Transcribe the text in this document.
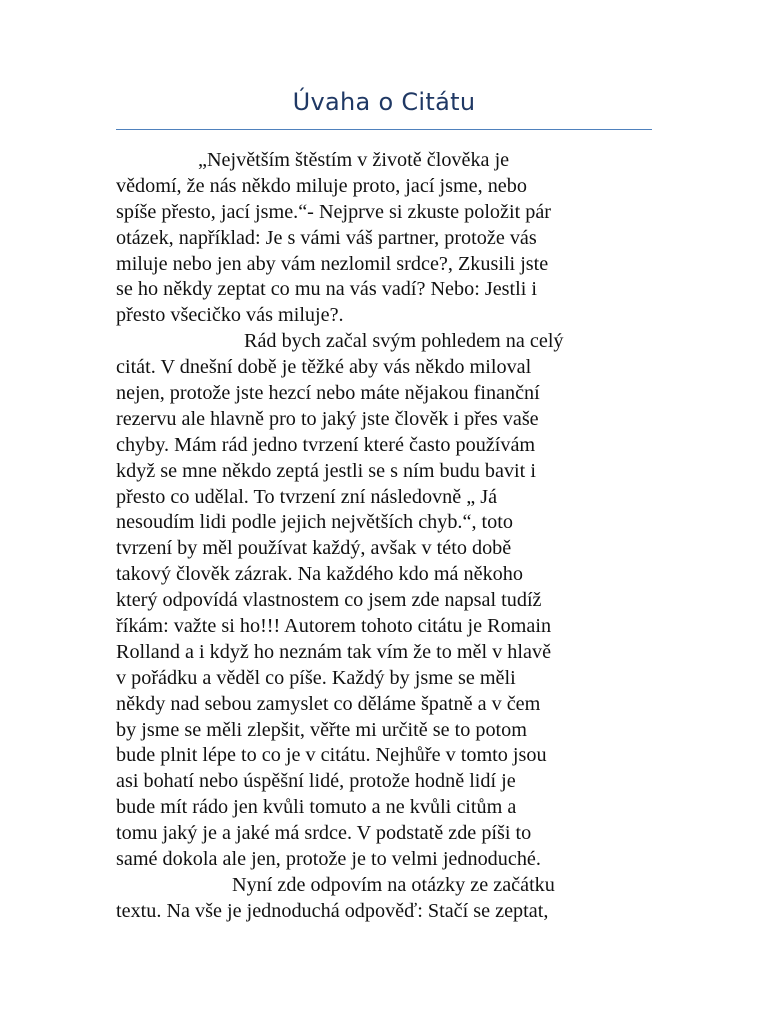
Úvaha o Citátu
„Největším štěstím v životě člověka je
vědomí, že nás někdo miluje proto, jací jsme, nebo
spíše přesto, jací jsme.“- Nejprve si zkuste položit pár
otázek, například: Je s vámi váš partner, protože vás
miluje nebo jen aby vám nezlomil srdce?, Zkusili jste
se ho někdy zeptat co mu na vás vadí? Nebo: Jestli i
přesto všecičko vás miluje?.
Rád bych začal svým pohledem na celý
citát. V dnešní době je těžké aby vás někdo miloval
nejen, protože jste hezcí nebo máte nějakou finanční
rezervu ale hlavně pro to jaký jste člověk i přes vaše
chyby. Mám rád jedno tvrzení které často používám
když se mne někdo zeptá jestli se s ním budu bavit i
přesto co udělal. To tvrzení zní následovně „ Já
nesoudím lidi podle jejich největších chyb.“, toto
tvrzení by měl používat každý, avšak v této době
takový člověk zázrak. Na každého kdo má někoho
který odpovídá vlastnostem co jsem zde napsal tudíž
říkám: važte si ho!!! Autorem tohoto citátu je Romain
Rolland a i když ho neznám tak vím že to měl v hlavě
v pořádku a věděl co píše. Každý by jsme se měli
někdy nad sebou zamyslet co děláme špatně a v čem
by jsme se měli zlepšit, věřte mi určitě se to potom
bude plnit lépe to co je v citátu. Nejhůře v tomto jsou
asi bohatí nebo úspěšní lidé, protože hodně lidí je
bude mít rádo jen kvůli tomuto a ne kvůli citům a
tomu jaký je a jaké má srdce. V podstatě zde píši to
samé dokola ale jen, protože je to velmi jednoduché.
Nyní zde odpovím na otázky ze začátku
textu. Na vše je jednoduchá odpověď: Stačí se zeptat,
